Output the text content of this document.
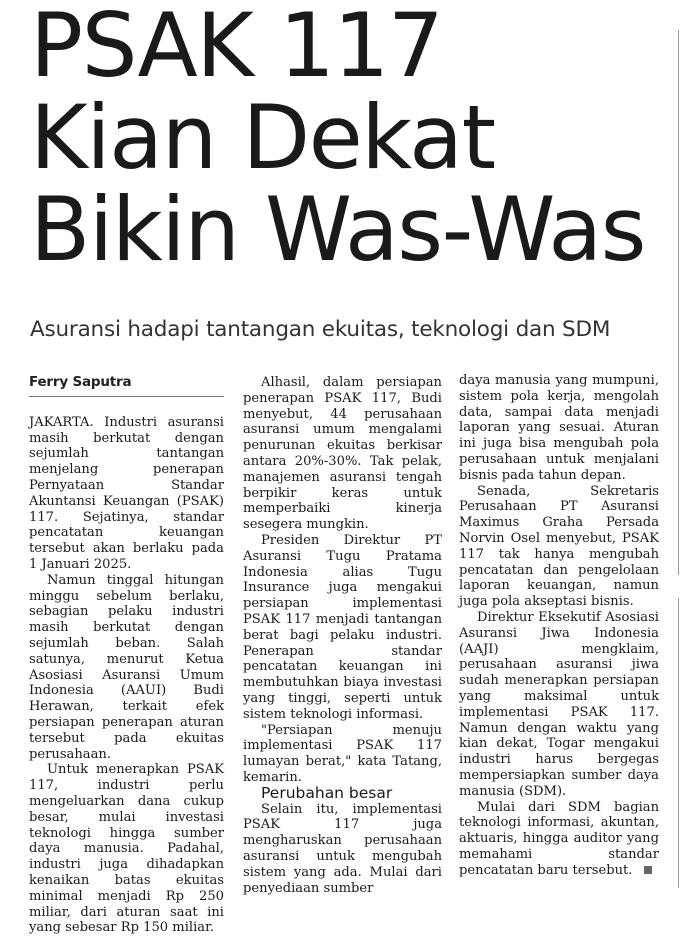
PSAK 117
Kian Dekat
Bikin Was-Was
Asuransi hadapi tantangan ekuitas, teknologi dan SDM
Ferry Saputra

JAKARTA. Industri asuransi masih berkutat dengan sejumlah tantangan menjelang penerapan Pernyataan Standar Akuntansi Keuangan (PSAK) 117. Sejatinya, standar pencatatan keuangan tersebut akan berlaku pada 1 Januari 2025.

Namun tinggal hitungan minggu sebelum berlaku, sebagian pelaku industri masih berkutat dengan sejumlah beban. Salah satunya, menurut Ketua Asosiasi Asuransi Umum Indonesia (AAUI) Budi Herawan, terkait efek persiapan penerapan aturan tersebut pada ekuitas perusahaan.

Untuk menerapkan PSAK 117, industri perlu mengeluarkan dana cukup besar, mulai investasi teknologi hingga sumber daya manusia. Padahal, industri juga dihadapkan kenaikan batas ekuitas minimal menjadi Rp 250 miliar, dari aturan saat ini yang sebesar Rp 150 miliar.

Alhasil, dalam persiapan penerapan PSAK 117, Budi menyebut, 44 perusahaan asuransi umum mengalami penurunan ekuitas berkisar antara 20%-30%. Tak pelak, manajemen asuransi tengah berpikir keras untuk memperbaiki kinerja sesegera mungkin.

Presiden Direktur PT Asuransi Tugu Pratama Indonesia alias Tugu Insurance juga mengakui persiapan implementasi PSAK 117 menjadi tantangan berat bagi pelaku industri. Penerapan standar pencatatan keuangan ini membutuhkan biaya investasi yang tinggi, seperti untuk sistem teknologi informasi.

"Persiapan menuju implementasi PSAK 117 lumayan berat," kata Tatang, kemarin.

Perubahan besar

Selain itu, implementasi PSAK 117 juga mengharuskan perusahaan asuransi untuk mengubah sistem yang ada. Mulai dari penyediaan sumber

daya manusia yang mumpuni, sistem pola kerja, mengolah data, sampai data menjadi laporan yang sesuai. Aturan ini juga bisa mengubah pola perusahaan untuk menjalani bisnis pada tahun depan.

Senada, Sekretaris Perusahaan PT Asuransi Maximus Graha Persada Norvin Osel menyebut, PSAK 117 tak hanya mengubah pencatatan dan pengelolaan laporan keuangan, namun juga pola akseptasi bisnis.

Direktur Eksekutif Asosiasi Asuransi Jiwa Indonesia (AAJI) mengklaim, perusahaan asuransi jiwa sudah menerapkan persiapan yang maksimal untuk implementasi PSAK 117. Namun dengan waktu yang kian dekat, Togar mengakui industri harus bergegas mempersiapkan sumber daya manusia (SDM).

Mulai dari SDM bagian teknologi informasi, akuntan, aktuaris, hingga auditor yang memahami standar pencatatan baru tersebut.
